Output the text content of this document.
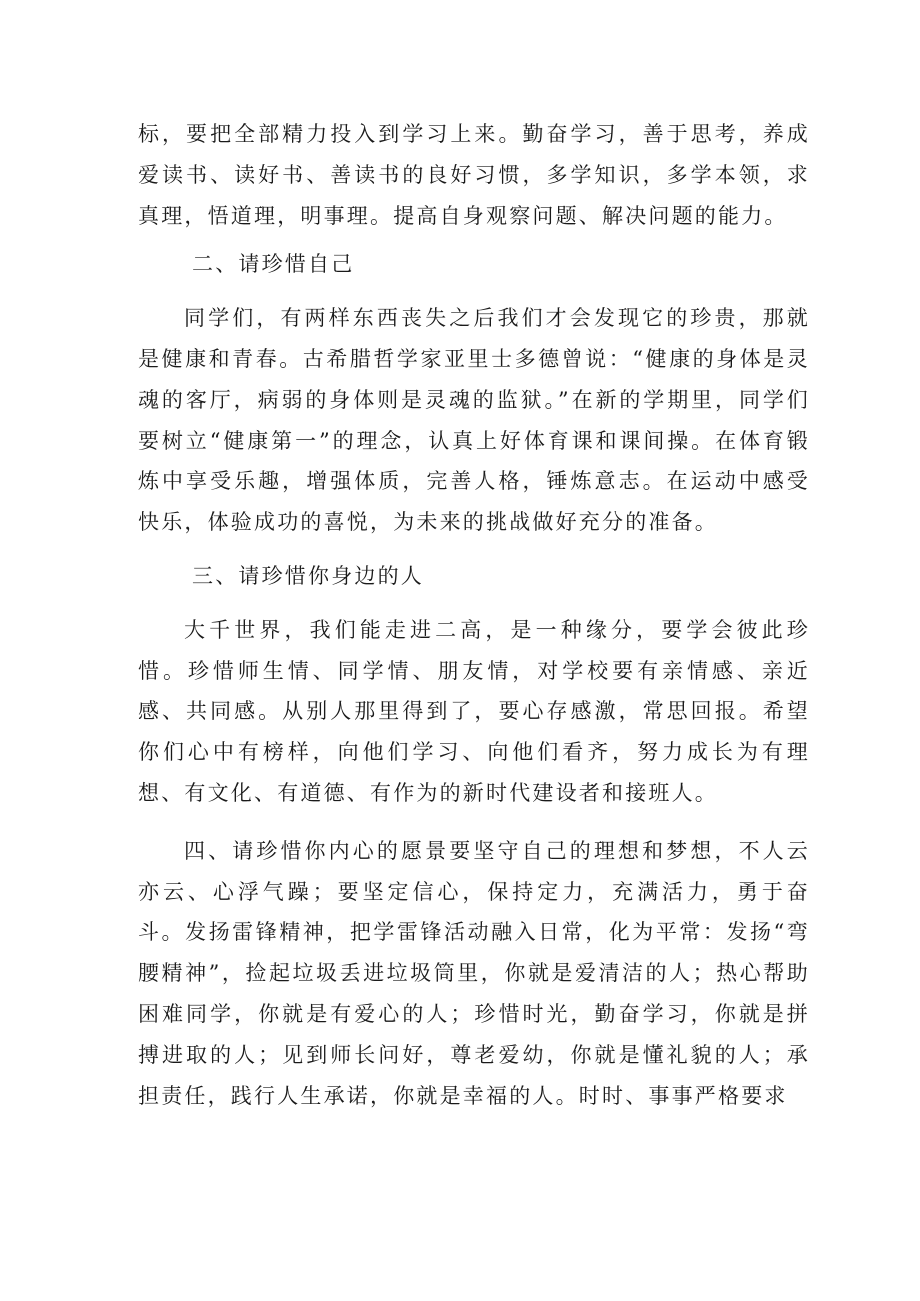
标，要把全部精力投入到学习上来。勤奋学习，善于思考，养成爱读书、读好书、善读书的良好习惯，多学知识，多学本领，求真理，悟道理，明事理。提高自身观察问题、解决问题的能力。

二、请珍惜自己

同学们，有两样东西丧失之后我们才会发现它的珍贵，那就是健康和青春。古希腊哲学家亚里士多德曾说：“健康的身体是灵魂的客厅，病弱的身体则是灵魂的监狱。”在新的学期里，同学们要树立“健康第一”的理念，认真上好体育课和课间操。在体育锻炼中享受乐趣，增强体质，完善人格，锤炼意志。在运动中感受快乐，体验成功的喜悦，为未来的挑战做好充分的准备。

三、请珍惜你身边的人

大千世界，我们能走进二高，是一种缘分，要学会彼此珍惜。珍惜师生情、同学情、朋友情，对学校要有亲情感、亲近感、共同感。从别人那里得到了，要心存感激，常思回报。希望你们心中有榜样，向他们学习、向他们看齐，努力成长为有理想、有文化、有道德、有作为的新时代建设者和接班人。

四、请珍惜你内心的愿景要坚守自己的理想和梦想，不人云亦云、心浮气躁；要坚定信心，保持定力，充满活力，勇于奋斗。发扬雷锋精神，把学雷锋活动融入日常，化为平常：发扬“弯腰精神”，捡起垃圾丢进垃圾筒里，你就是爱清洁的人；热心帮助困难同学，你就是有爱心的人；珍惜时光，勤奋学习，你就是拼搏进取的人；见到师长问好，尊老爱幼，你就是懂礼貌的人；承担责任，践行人生承诺，你就是幸福的人。时时、事事严格要求
